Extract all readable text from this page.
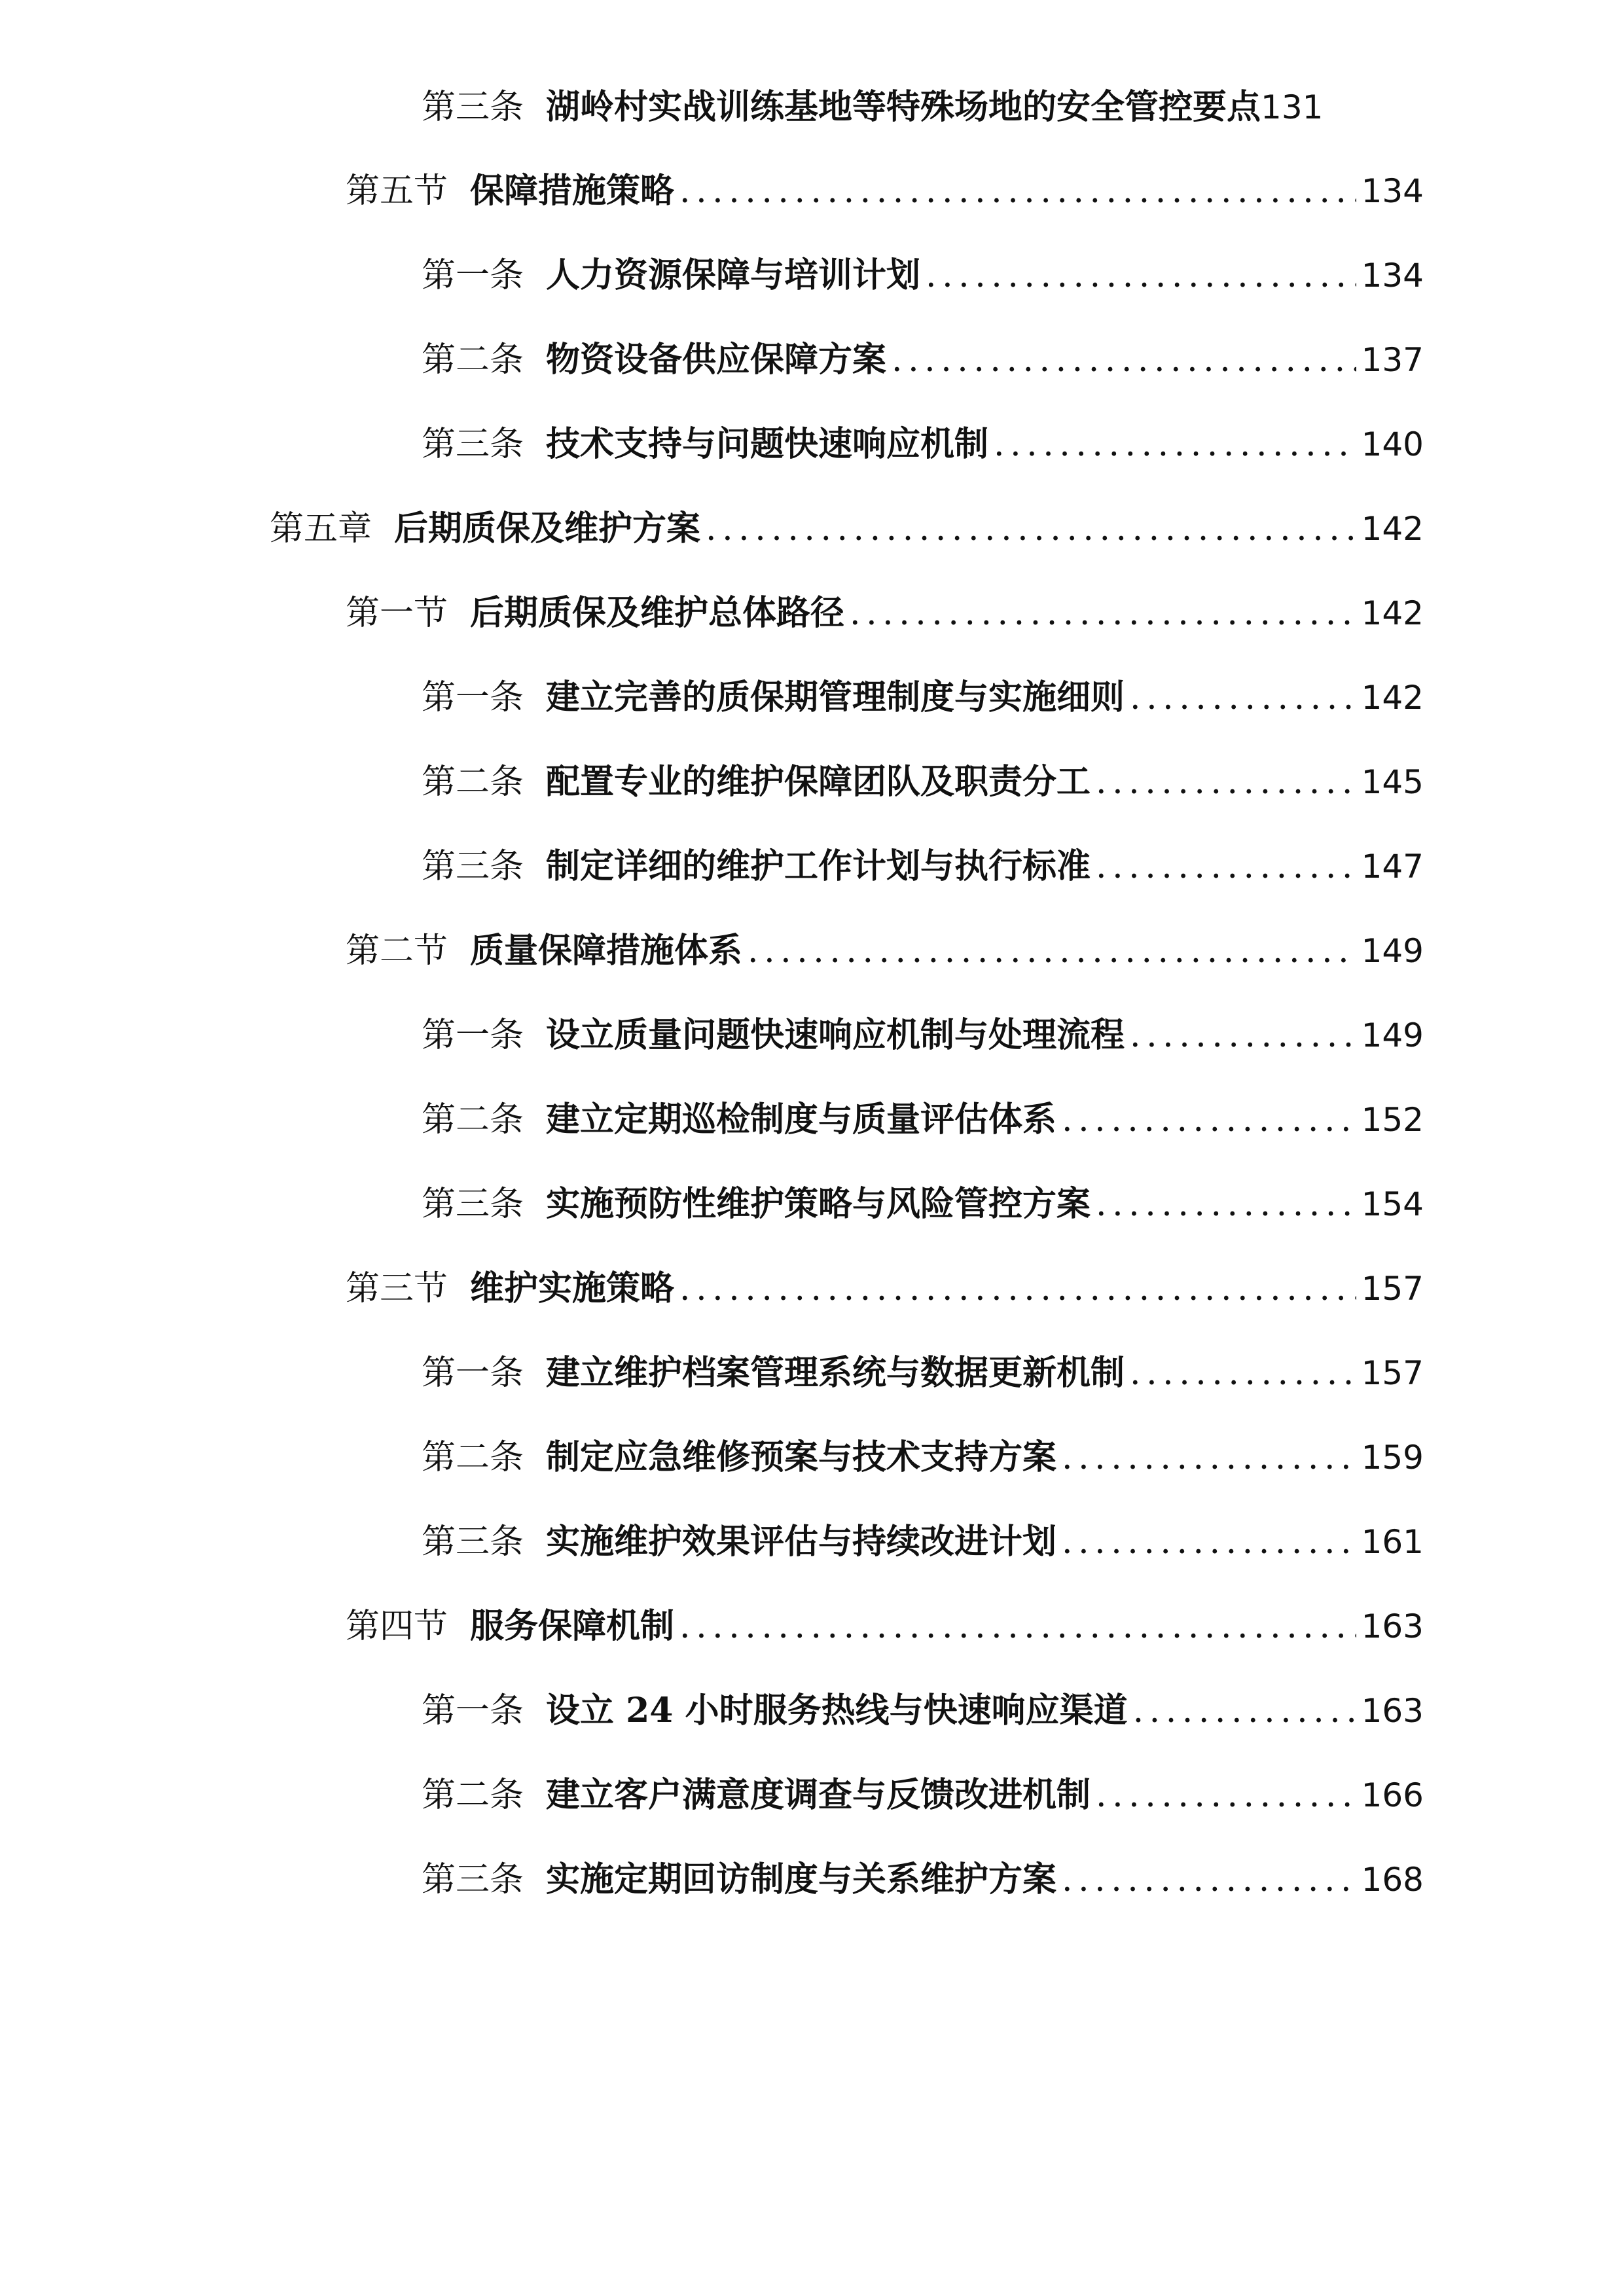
第三条 湖岭村实战训练基地等特殊场地的安全管控要点 131
第五节 保障措施策略 . . .	134
第一条 人力资源保障与培训计划 . . .	134
第二条 物资设备供应保障方案 . . .	137
第三条 技术支持与问题快速响应机制 . . .	140
第五章 后期质保及维护方案 . . .	142
第一节 后期质保及维护总体路径 . . .	142
第一条 建立完善的质保期管理制度与实施细则 . . .	142
第二条 配置专业的维护保障团队及职责分工 . . .	145
第三条 制定详细的维护工作计划与执行标准 . . .	147
第二节 质量保障措施体系 . . .	149
第一条 设立质量问题快速响应机制与处理流程 . . .	149
第二条 建立定期巡检制度与质量评估体系 . . .	152
第三条 实施预防性维护策略与风险管控方案 . . .	154
第三节 维护实施策略 . . .	157
第一条 建立维护档案管理系统与数据更新机制 . . .	157
第二条 制定应急维修预案与技术支持方案 . . .	159
第三条 实施维护效果评估与持续改进计划 . . .	161
第四节 服务保障机制 . . .	163
第一条 设立 24 小时服务热线与快速响应渠道 . . .	163
第二条 建立客户满意度调查与反馈改进机制 . . .	166
第三条 实施定期回访制度与关系维护方案 . . .	168
